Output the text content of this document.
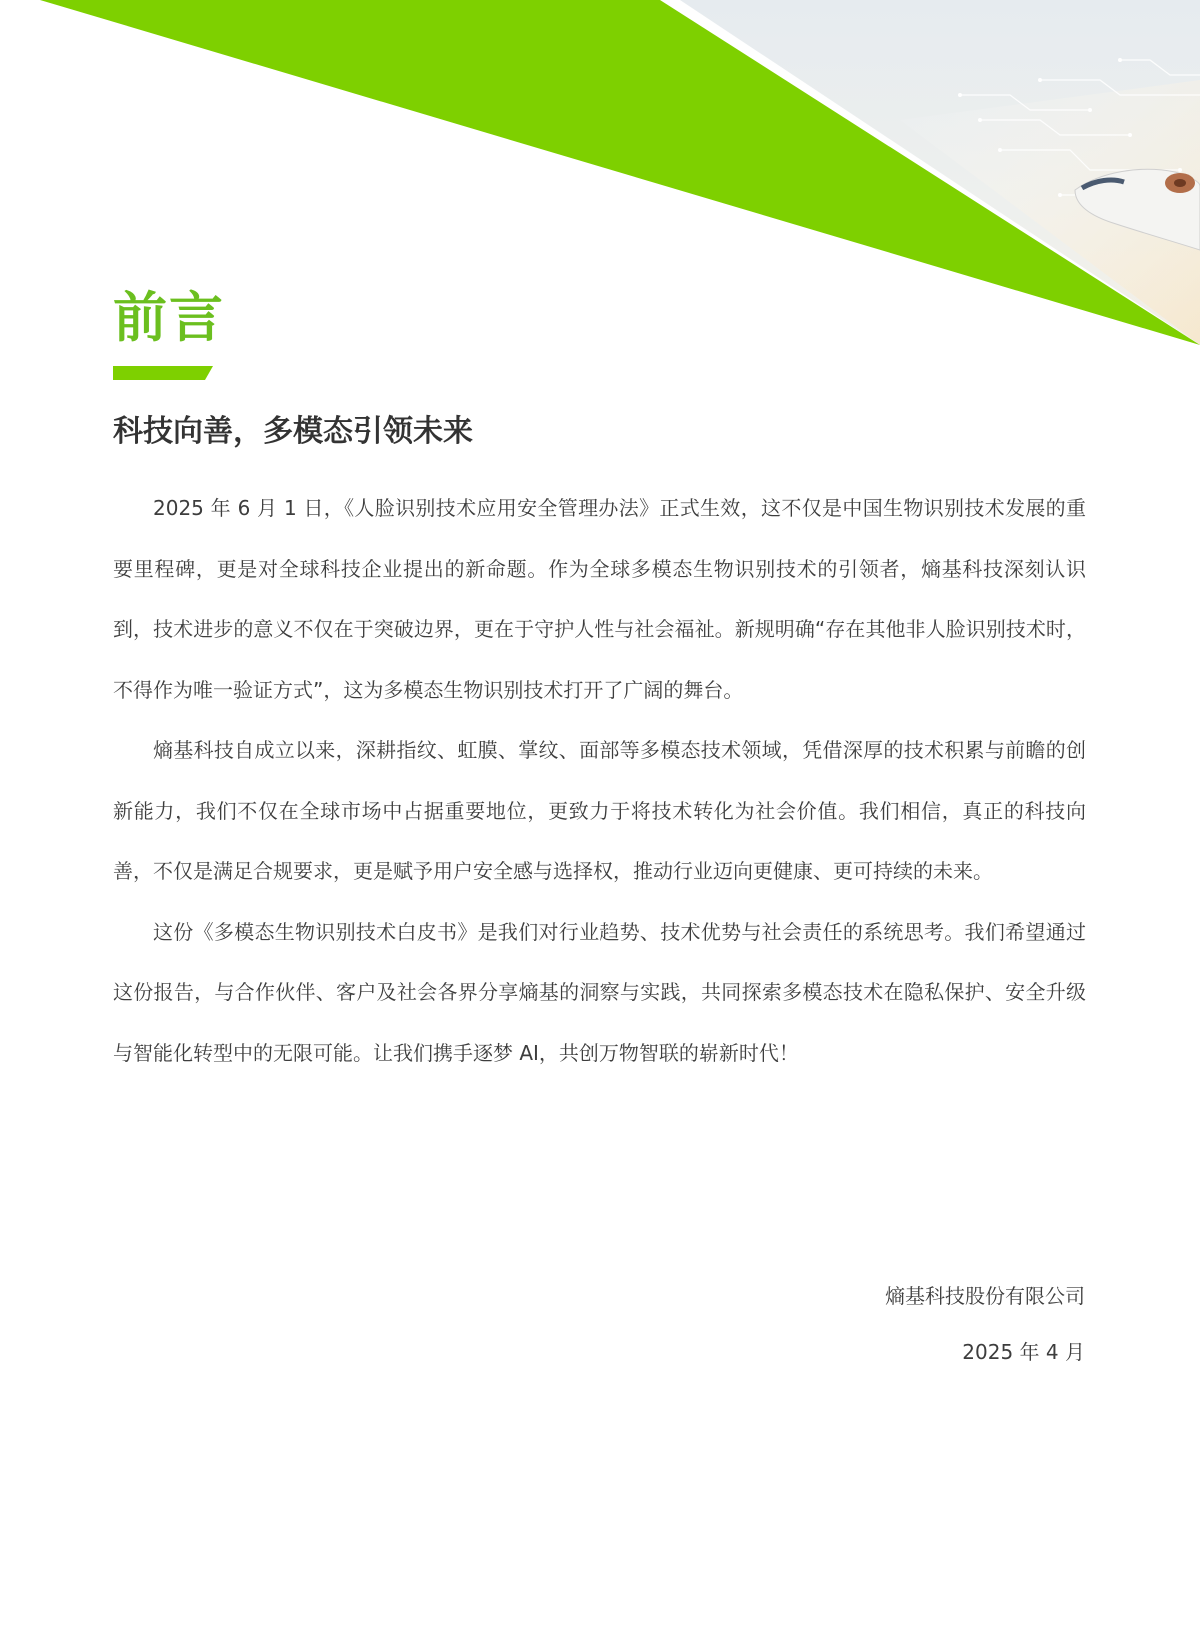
前言
科技向善，多模态引领未来

2025 年 6 月 1 日，《人脸识别技术应用安全管理办法》正式生效，这不仅是中国生物识别技术发展的重要里程碑，更是对全球科技企业提出的新命题。作为全球多模态生物识别技术的引领者，熵基科技深刻认识到，技术进步的意义不仅在于突破边界，更在于守护人性与社会福祉。新规明确“存在其他非人脸识别技术时，不得作为唯一验证方式”，这为多模态生物识别技术打开了广阔的舞台。

熵基科技自成立以来，深耕指纹、虹膜、掌纹、面部等多模态技术领域，凭借深厚的技术积累与前瞻的创新能力，我们不仅在全球市场中占据重要地位，更致力于将技术转化为社会价值。我们相信，真正的科技向善，不仅是满足合规要求，更是赋予用户安全感与选择权，推动行业迈向更健康、更可持续的未来。

这份《多模态生物识别技术白皮书》是我们对行业趋势、技术优势与社会责任的系统思考。我们希望通过这份报告，与合作伙伴、客户及社会各界分享熵基的洞察与实践，共同探索多模态技术在隐私保护、安全升级与智能化转型中的无限可能。让我们携手逐梦 AI，共创万物智联的崭新时代！

熵基科技股份有限公司

2025 年 4 月
